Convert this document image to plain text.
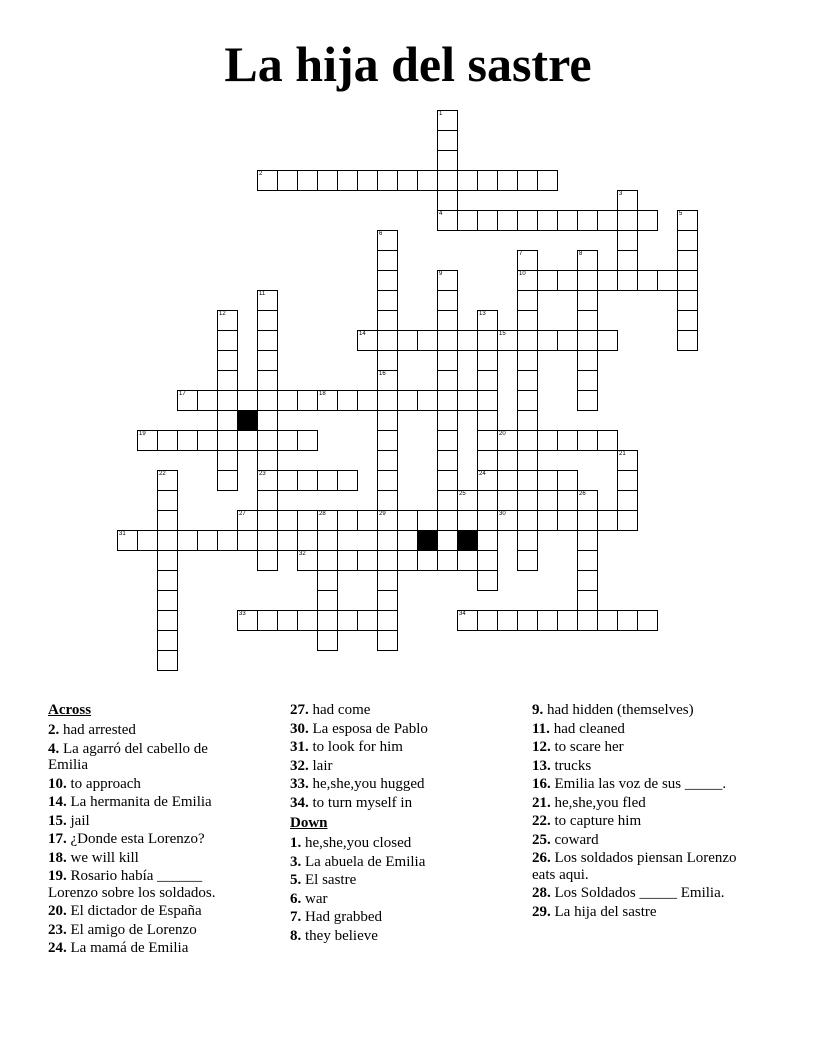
La hija del sastre
2
4
10
14	15
17	18
19	20
23	24
25	26
27	28	29	30
32
33	34
31
1
3
5
6
16
7	8
9
11
12	13
21
22
Across
2. had arrested
4. La agarró del cabello de Emilia
10. to approach
14. La hermanita de Emilia
15. jail
17. ¿Donde esta Lorenzo?
18. we will kill
19. Rosario había ______ Lorenzo sobre los soldados.
20. El dictador de España
23. El amigo de Lorenzo
24. La mamá de Emilia
27. had come
30. La esposa de Pablo
31. to look for him
32. lair
33. he,she,you hugged
34. to turn myself in
Down
1. he,she,you closed
3. La abuela de Emilia
5. El sastre
6. war
7. Had grabbed
8. they believe
9. had hidden (themselves)
11. had cleaned
12. to scare her
13. trucks
16. Emilia las voz de sus _____.
21. he,she,you fled
22. to capture him
25. coward
26. Los soldados piensan Lorenzo eats aqui.
28. Los Soldados _____ Emilia.
29. La hija del sastre
